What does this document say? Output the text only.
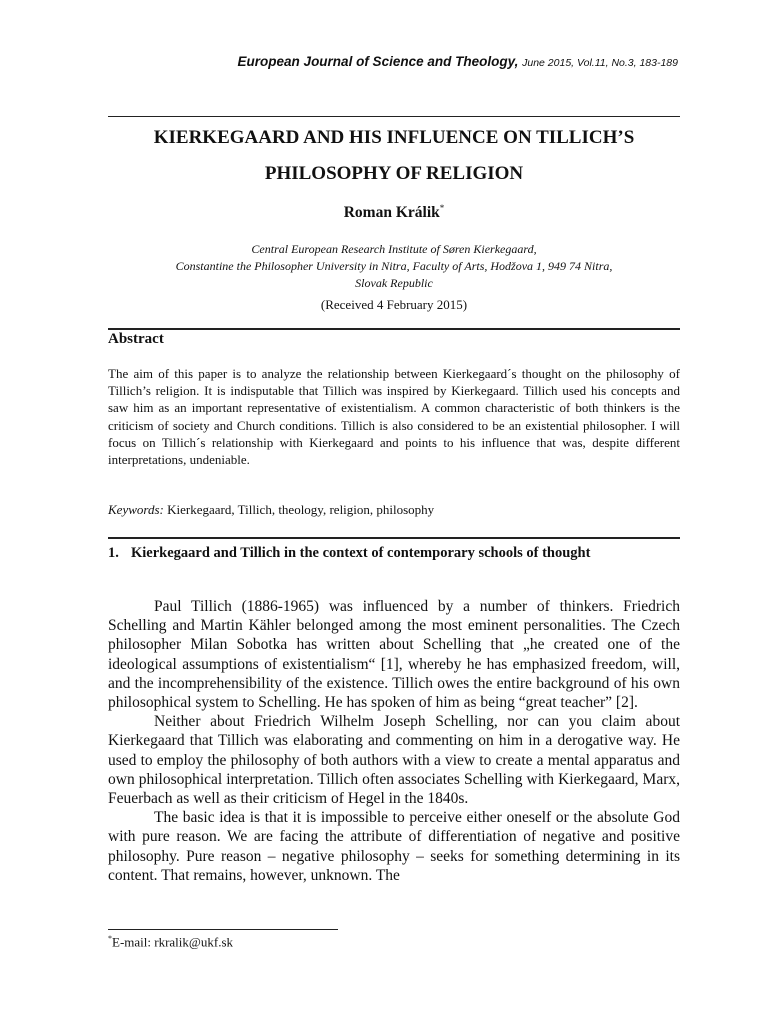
European Journal of Science and Theology, June 2015, Vol.11, No.3, 183-189
KIERKEGAARD AND HIS INFLUENCE ON TILLICH’S
PHILOSOPHY OF RELIGION
Roman Králik*
Central European Research Institute of Søren Kierkegaard,
Constantine the Philosopher University in Nitra, Faculty of Arts, Hodžova 1, 949 74 Nitra,
Slovak Republic
(Received 4 February 2015)
Abstract
The aim of this paper is to analyze the relationship between Kierkegaard´s thought on the philosophy of Tillich’s religion. It is indisputable that Tillich was inspired by Kierkegaard. Tillich used his concepts and saw him as an important representative of existentialism. A common characteristic of both thinkers is the criticism of society and Church conditions. Tillich is also considered to be an existential philosopher. I will focus on Tillich´s relationship with Kierkegaard and points to his influence that was, despite different interpretations, undeniable.
Keywords: Kierkegaard, Tillich, theology, religion, philosophy
1. Kierkegaard and Tillich in the context of contemporary schools of thought

Paul Tillich (1886-1965) was influenced by a number of thinkers. Friedrich Schelling and Martin Kähler belonged among the most eminent personalities. The Czech philosopher Milan Sobotka has written about Schelling that „he created one of the ideological assumptions of existentialism“ [1], whereby he has emphasized freedom, will, and the incomprehensibility of the existence. Tillich owes the entire background of his own philosophical system to Schelling. He has spoken of him as being “great teacher” [2].

Neither about Friedrich Wilhelm Joseph Schelling, nor can you claim about Kierkegaard that Tillich was elaborating and commenting on him in a derogative way. He used to employ the philosophy of both authors with a view to create a mental apparatus and own philosophical interpretation. Tillich often associates Schelling with Kierkegaard, Marx, Feuerbach as well as their criticism of Hegel in the 1840s.

The basic idea is that it is impossible to perceive either oneself or the absolute God with pure reason. We are facing the attribute of differentiation of negative and positive philosophy. Pure reason – negative philosophy – seeks for something determining in its content. That remains, however, unknown. The

*E-mail: rkralik@ukf.sk
